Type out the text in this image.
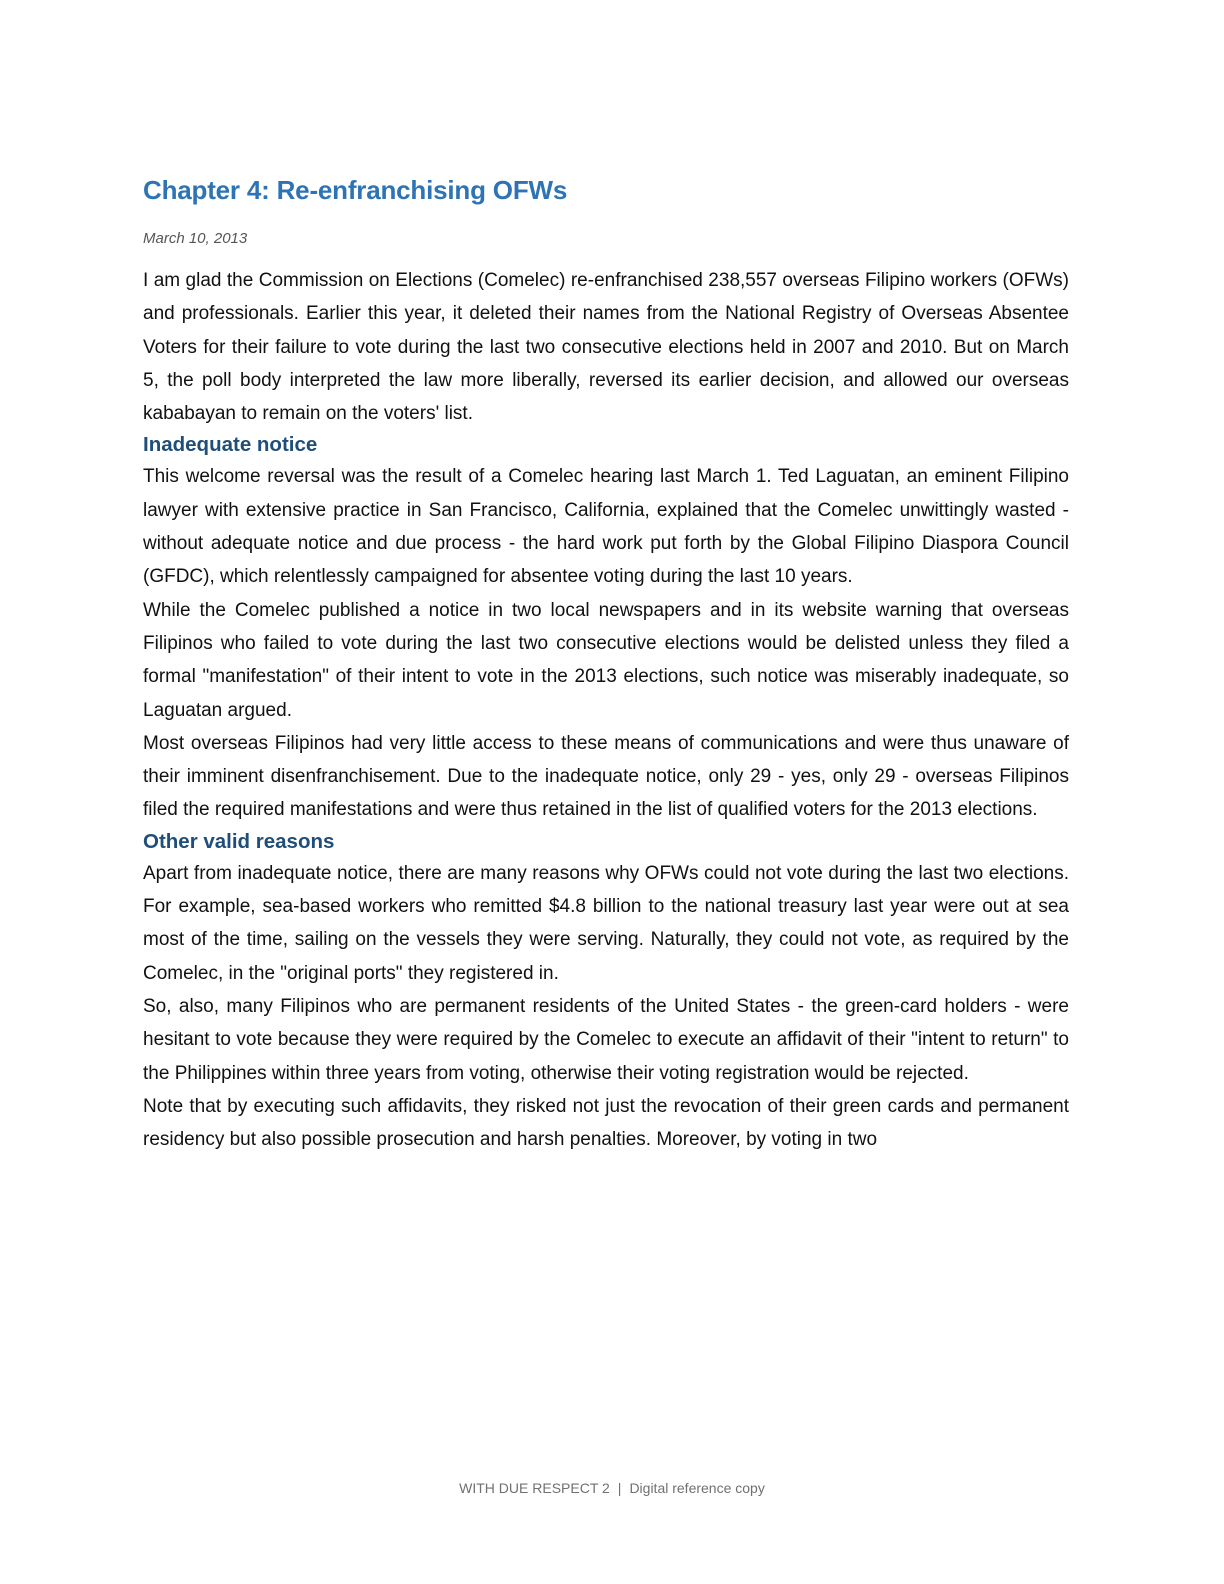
Chapter 4: Re-enfranchising OFWs
March 10, 2013

I am glad the Commission on Elections (Comelec) re-enfranchised 238,557 overseas Filipino workers (OFWs) and professionals. Earlier this year, it deleted their names from the National Registry of Overseas Absentee Voters for their failure to vote during the last two consecutive elections held in 2007 and 2010. But on March 5, the poll body interpreted the law more liberally, reversed its earlier decision, and allowed our overseas kababayan to remain on the voters' list.

Inadequate notice

This welcome reversal was the result of a Comelec hearing last March 1. Ted Laguatan, an eminent Filipino lawyer with extensive practice in San Francisco, California, explained that the Comelec unwittingly wasted - without adequate notice and due process - the hard work put forth by the Global Filipino Diaspora Council (GFDC), which relentlessly campaigned for absentee voting during the last 10 years.

While the Comelec published a notice in two local newspapers and in its website warning that overseas Filipinos who failed to vote during the last two consecutive elections would be delisted unless they filed a formal "manifestation" of their intent to vote in the 2013 elections, such notice was miserably inadequate, so Laguatan argued.

Most overseas Filipinos had very little access to these means of communications and were thus unaware of their imminent disenfranchisement. Due to the inadequate notice, only 29 - yes, only 29 - overseas Filipinos filed the required manifestations and were thus retained in the list of qualified voters for the 2013 elections.

Other valid reasons

Apart from inadequate notice, there are many reasons why OFWs could not vote during the last two elections. For example, sea-based workers who remitted $4.8 billion to the national treasury last year were out at sea most of the time, sailing on the vessels they were serving. Naturally, they could not vote, as required by the Comelec, in the "original ports" they registered in.

So, also, many Filipinos who are permanent residents of the United States - the green-card holders - were hesitant to vote because they were required by the Comelec to execute an affidavit of their "intent to return" to the Philippines within three years from voting, otherwise their voting registration would be rejected.

Note that by executing such affidavits, they risked not just the revocation of their green cards and permanent residency but also possible prosecution and harsh penalties. Moreover, by voting in two

WITH DUE RESPECT 2 | Digital reference copy
